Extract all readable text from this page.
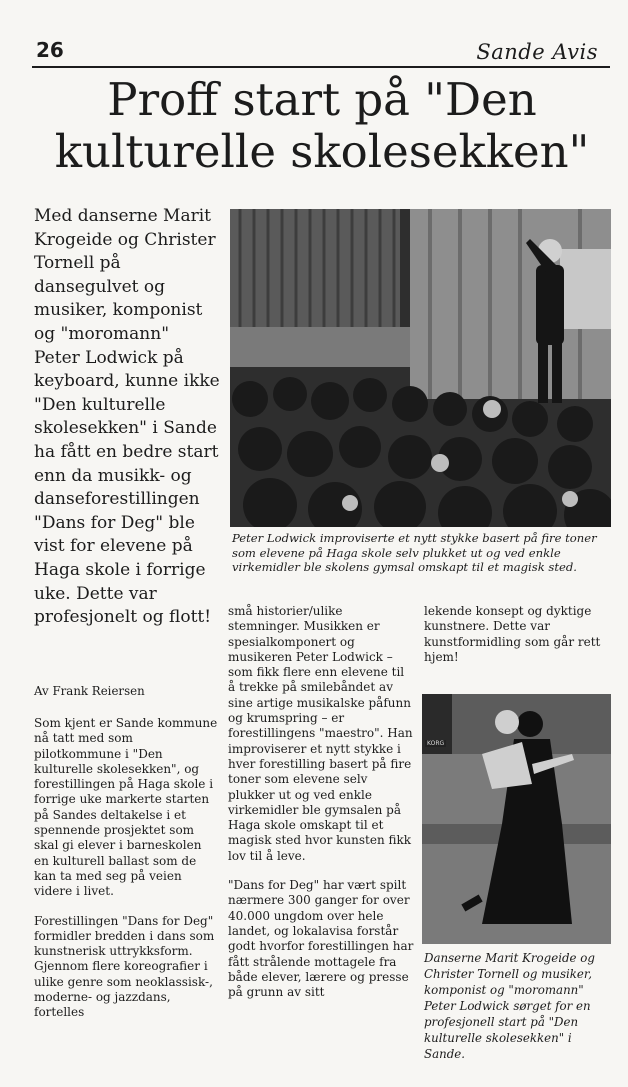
26	Sande Avis
Proff start på "Den
kulturelle skolesekken"
Med danserne Marit Krogeide og Christer Tornell på dansegulvet og musiker, komponist og "moromann" Peter Lodwick på keyboard, kunne ikke "Den kulturelle skolesekken" i Sande ha fått en bedre start enn da musikk- og danseforestillingen "Dans for Deg" ble vist for elevene på Haga skole i forrige uke. Dette var profesjonelt og flott!
Peter Lodwick improviserte et nytt stykke basert på fire toner som elevene på Haga skole selv plukket ut og ved enkle virkemidler ble skolens gymsal omskapt til et magisk sted.
Av Frank Reiersen

Som kjent er Sande kommune nå tatt med som pilotkommune i "Den kulturelle skolesekken", og forestillingen på Haga skole i forrige uke markerte starten på Sandes deltakelse i et spennende prosjektet som skal gi elever i barneskolen en kulturell ballast som de kan ta med seg på veien videre i livet.

Forestillingen "Dans for Deg" formidler bredden i dans som kunstnerisk uttrykksform. Gjennom flere koreografier i ulike genre som neoklassisk-, moderne- og jazzdans, fortelles

små historier/ulike stemninger. Musikken er spesialkomponert og musikeren Peter Lodwick – som fikk flere enn elevene til å trekke på smilebåndet av sine artige musikalske påfunn og krumspring – er forestillingens "maestro". Han improviserer et nytt stykke i hver forestilling basert på fire toner som elevene selv plukker ut og ved enkle virkemidler ble gymsalen på Haga skole omskapt til et magisk sted hvor kunsten fikk lov til å leve.

"Dans for Deg" har vært spilt nærmere 300 ganger for over 40.000 ungdom over hele landet, og lokalavisa forstår godt hvorfor forestillingen har fått strålende mottagele fra både elever, lærere og presse på grunn av sitt

lekende konsept og dyktige kunstnere. Dette var kunstformidling som går rett hjem!

KORG
Danserne Marit Krogeide og Christer Tornell og musiker, komponist og "moromann" Peter Lodwick sørget for en profesjonell start på "Den kulturelle skolesekken" i Sande.
